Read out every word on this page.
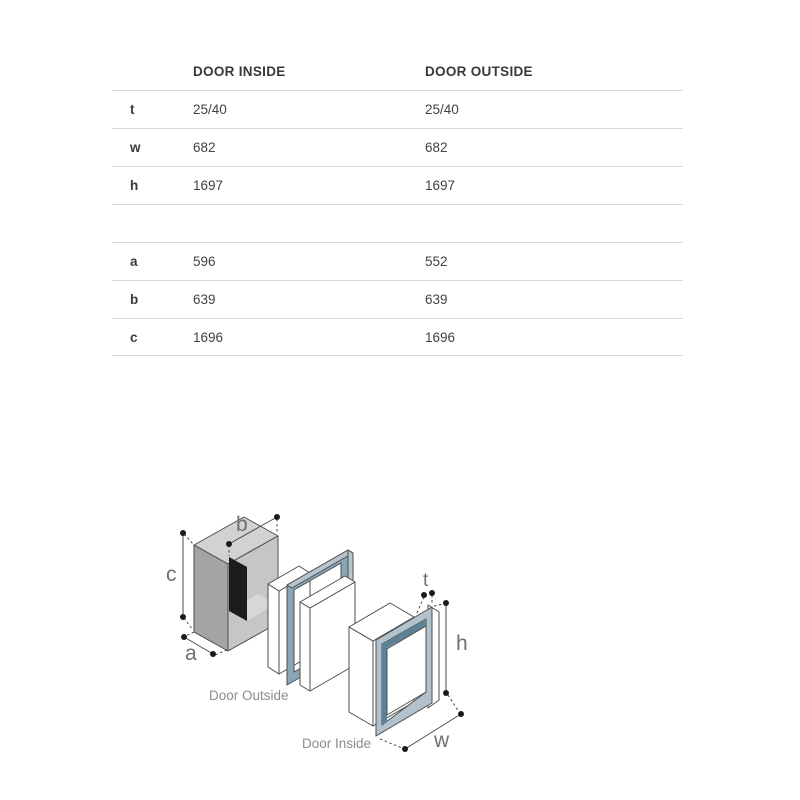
DOOR INSIDE	DOOR OUTSIDE
t	25/40	25/40
w	682	682
h	1697	1697
a	596	552
b	639	639
c	1696	1696
c
b
a
Door Outside
Door Inside
t
h
w
